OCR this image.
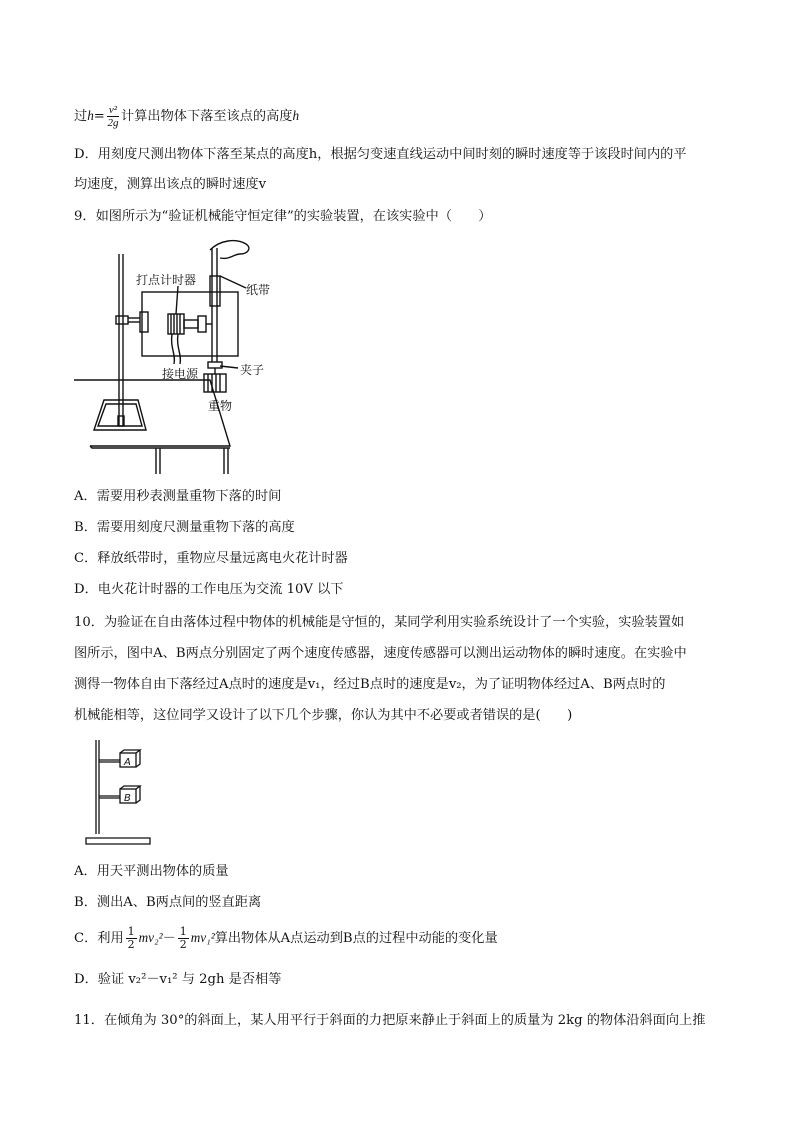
过$h= \frac{\text{v²}}{2g}$ 计算出物体下落至该点的高度h
D．用刻度尺测出物体下落至某点的高度h，根据匀变速直线运动中间时刻的瞬时速度等于该段时间内的平
均速度，测算出该点的瞬时速度v
9．如图所示为“验证机械能守恒定律”的实验装置，在该实验中（　　）
打点计时器
纸带
接电源	夹子
重物
A．需要用秒表测量重物下落的时间
B．需要用刻度尺测量重物下落的高度
C．释放纸带时，重物应尽量远离电火花计时器
D．电火花计时器的工作电压为交流 10V 以下
10．为验证在自由落体过程中物体的机械能是守恒的，某同学利用实验系统设计了一个实验，实验装置如
图所示，图中A、B两点分别固定了两个速度传感器，速度传感器可以测出运动物体的瞬时速度。在实验中
测得一物体自由下落经过A点时的速度是v₁，经过B点时的速度是v₂，为了证明物体经过A、B两点时的
机械能相等，这位同学又设计了以下几个步骤，你认为其中不必要或者错误的是(　　)
A
B
A．用天平测出物体的质量
B．测出A、B两点间的竖直距离
C．利用 $\frac{1}{2} mv_2^2- \frac{1}{2} mv_1^2$算出物体从A点运动到B点的过程中动能的变化量
D．验证 v₂²－v₁² 与 2gh 是否相等
11．在倾角为 30°的斜面上，某人用平行于斜面的力把原来静止于斜面上的质量为 2kg 的物体沿斜面向上推
